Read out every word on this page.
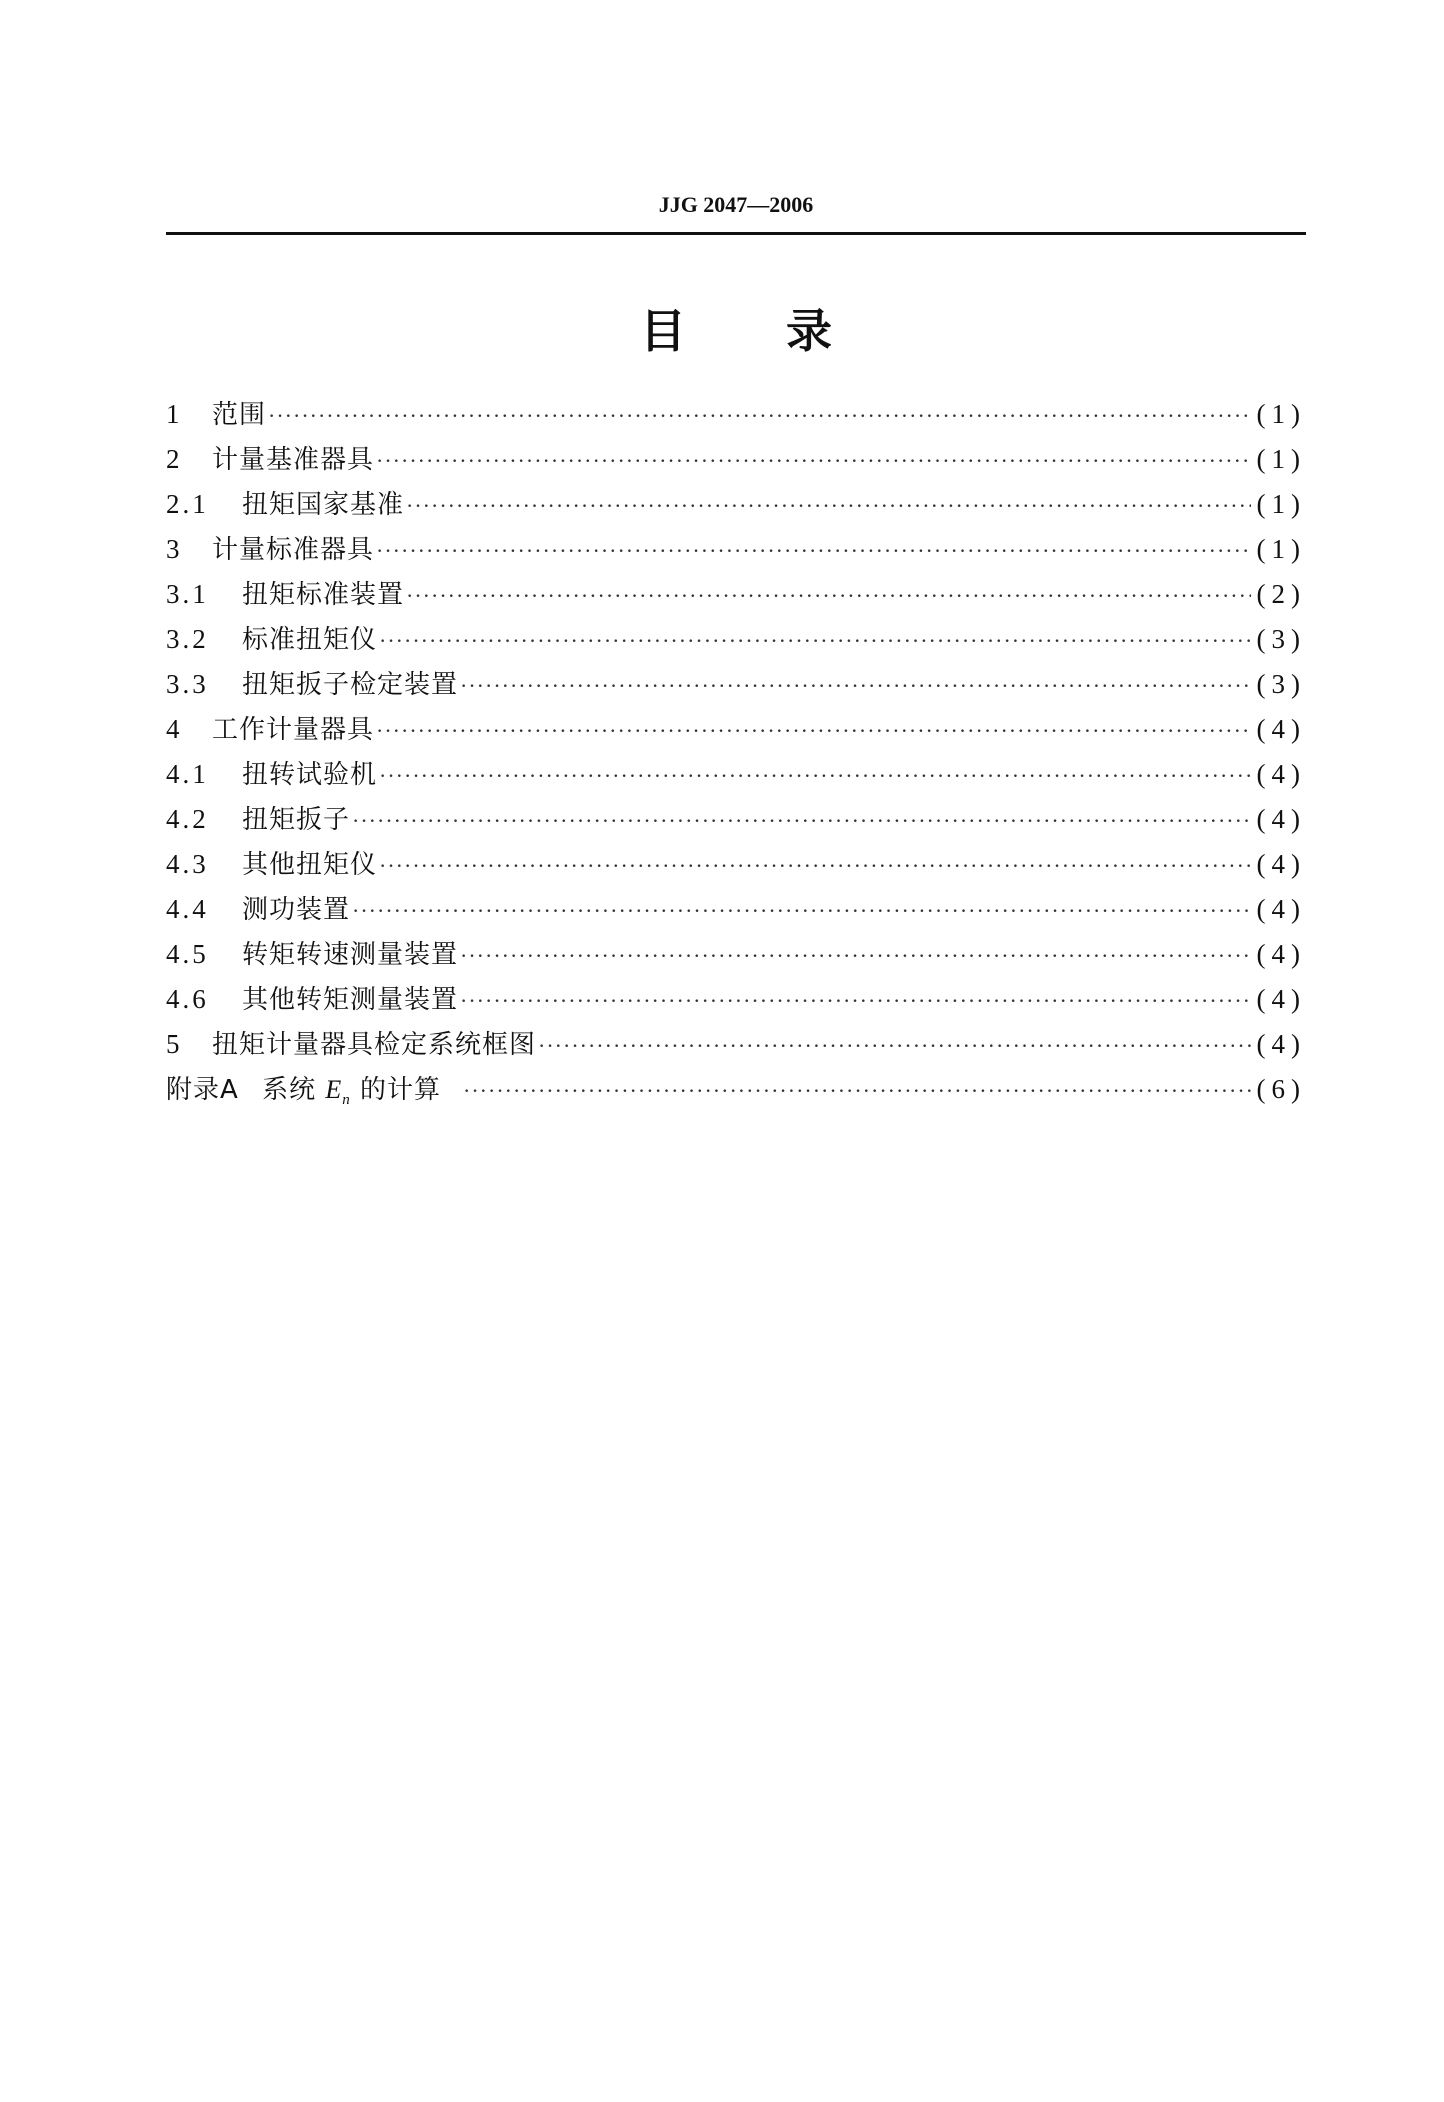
JJG 2047—2006
目 录
1	范围 ·····	(1)
2	计量基准器具 ·····	(1)
2.1	扭矩国家基准 ·····	(1)
3	计量标准器具 ·····	(1)
3.1	扭矩标准装置 ·····	(2)
3.2	标准扭矩仪 ·····	(3)
3.3	扭矩扳子检定装置 ·····	(3)
4	工作计量器具 ·····	(4)
4.1	扭转试验机 ·····	(4)
4.2	扭矩扳子 ·····	(4)
4.3	其他扭矩仪 ·····	(4)
4.4	测功装置 ·····	(4)
4.5	转矩转速测量装置 ·····	(4)
4.6	其他转矩测量装置 ·····	(4)
5	扭矩计量器具检定系统框图 ·····	(4)
附录A  系统 $E_n$ 的计算 ·····	(6)
